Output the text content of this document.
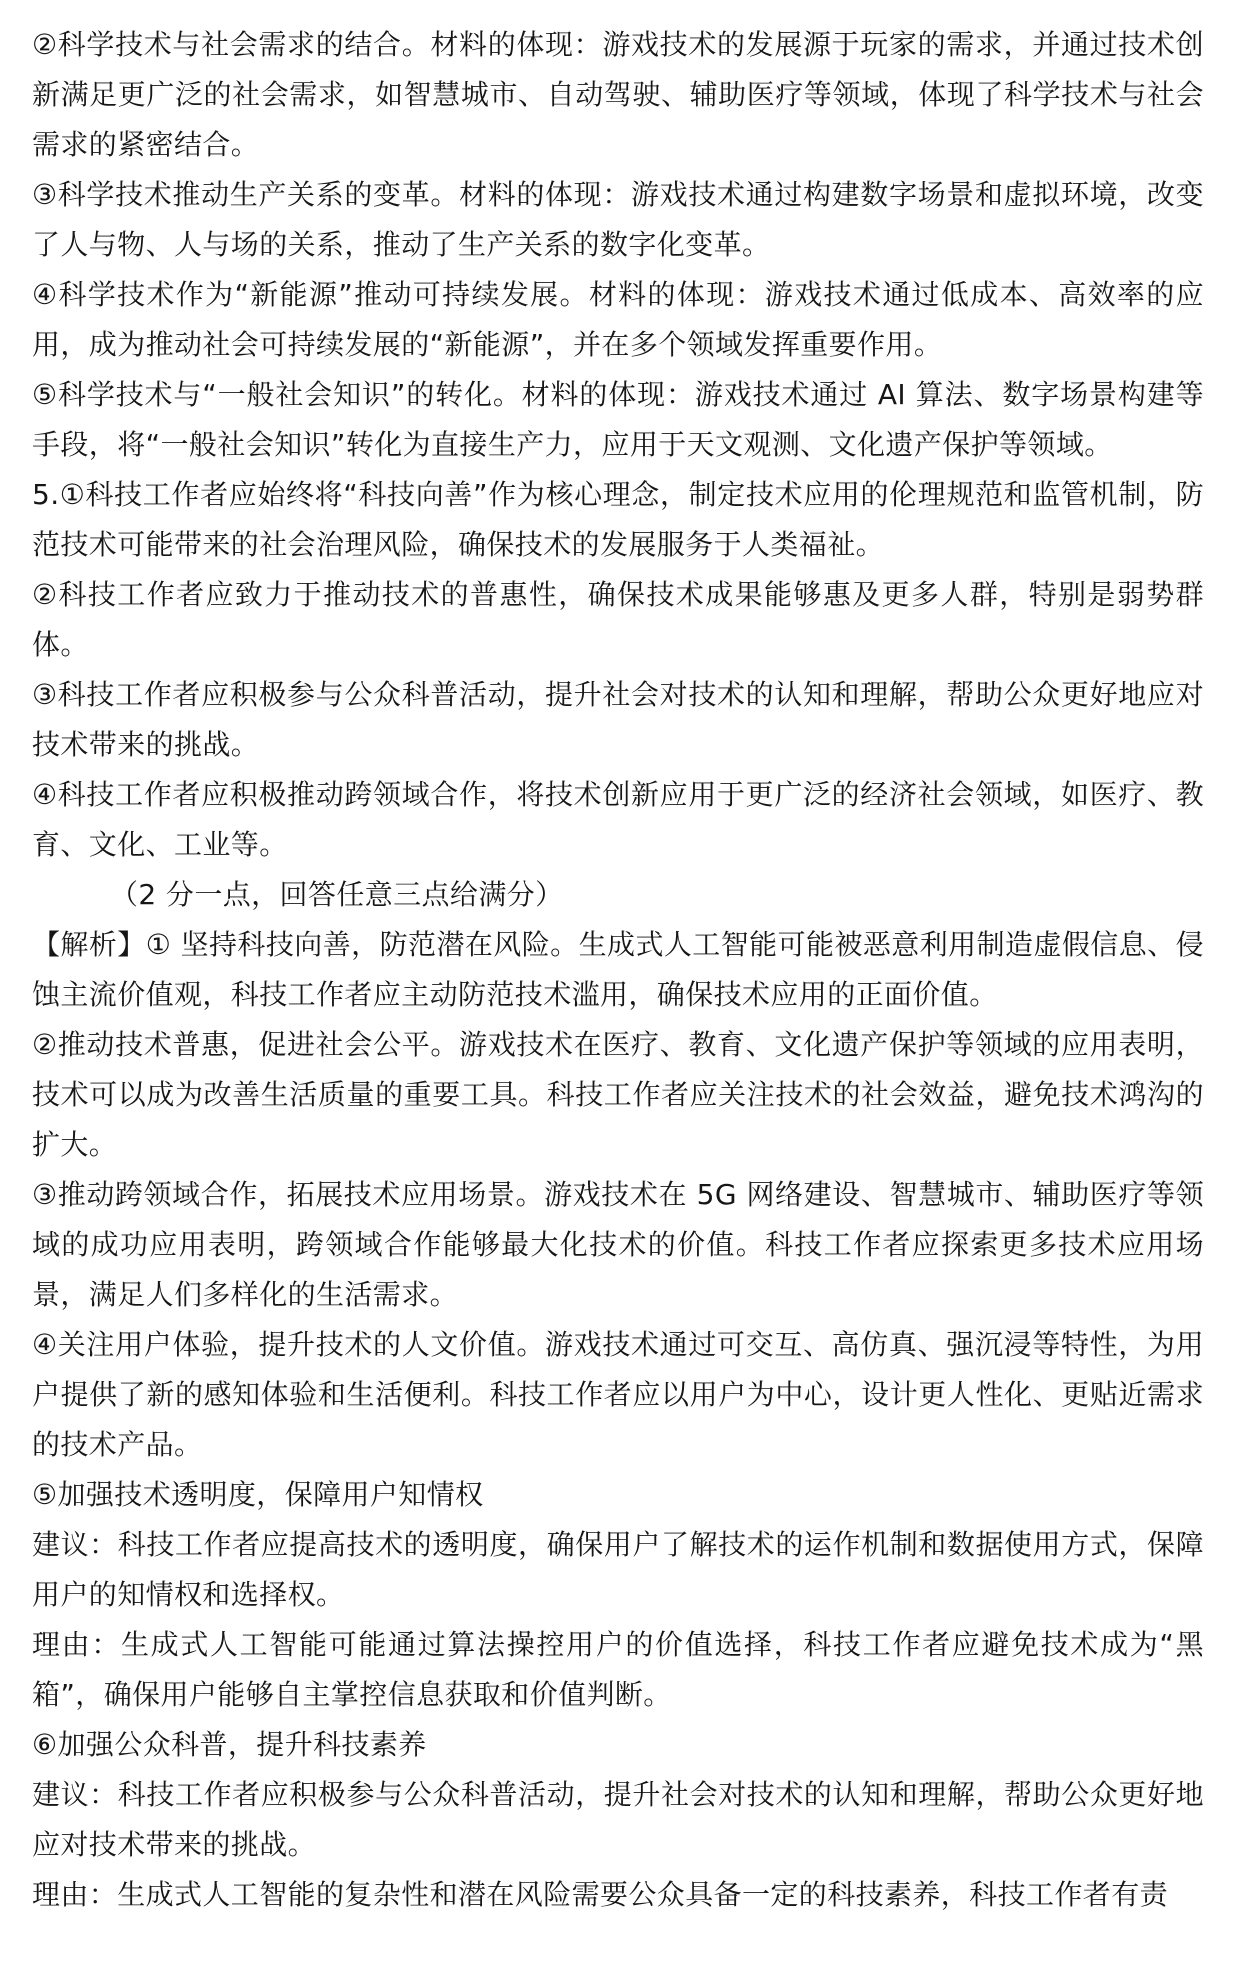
②科学技术与社会需求的结合。材料的体现：游戏技术的发展源于玩家的需求，并通过技术创新满足更广泛的社会需求，如智慧城市、自动驾驶、辅助医疗等领域，体现了科学技术与社会需求的紧密结合。

③科学技术推动生产关系的变革。材料的体现：游戏技术通过构建数字场景和虚拟环境，改变了人与物、人与场的关系，推动了生产关系的数字化变革。

④科学技术作为“新能源”推动可持续发展。材料的体现：游戏技术通过低成本、高效率的应用，成为推动社会可持续发展的“新能源”，并在多个领域发挥重要作用。

⑤科学技术与“一般社会知识”的转化。材料的体现：游戏技术通过 AI 算法、数字场景构建等手段，将“一般社会知识”转化为直接生产力，应用于天文观测、文化遗产保护等领域。

5.①科技工作者应始终将“科技向善”作为核心理念，制定技术应用的伦理规范和监管机制，防范技术可能带来的社会治理风险，确保技术的发展服务于人类福祉。

②科技工作者应致力于推动技术的普惠性，确保技术成果能够惠及更多人群，特别是弱势群体。

③科技工作者应积极参与公众科普活动，提升社会对技术的认知和理解，帮助公众更好地应对技术带来的挑战。

④科技工作者应积极推动跨领域合作，将技术创新应用于更广泛的经济社会领域，如医疗、教育、文化、工业等。

（2 分一点，回答任意三点给满分）

【解析】① 坚持科技向善，防范潜在风险。生成式人工智能可能被恶意利用制造虚假信息、侵蚀主流价值观，科技工作者应主动防范技术滥用，确保技术应用的正面价值。

②推动技术普惠，促进社会公平。游戏技术在医疗、教育、文化遗产保护等领域的应用表明，技术可以成为改善生活质量的重要工具。科技工作者应关注技术的社会效益，避免技术鸿沟的扩大。

③推动跨领域合作，拓展技术应用场景。游戏技术在 5G 网络建设、智慧城市、辅助医疗等领域的成功应用表明，跨领域合作能够最大化技术的价值。科技工作者应探索更多技术应用场景，满足人们多样化的生活需求。

④关注用户体验，提升技术的人文价值。游戏技术通过可交互、高仿真、强沉浸等特性，为用户提供了新的感知体验和生活便利。科技工作者应以用户为中心，设计更人性化、更贴近需求的技术产品。

⑤加强技术透明度，保障用户知情权

建议：科技工作者应提高技术的透明度，确保用户了解技术的运作机制和数据使用方式，保障用户的知情权和选择权。

理由：生成式人工智能可能通过算法操控用户的价值选择，科技工作者应避免技术成为“黑箱”，确保用户能够自主掌控信息获取和价值判断。

⑥加强公众科普，提升科技素养

建议：科技工作者应积极参与公众科普活动，提升社会对技术的认知和理解，帮助公众更好地应对技术带来的挑战。

理由：生成式人工智能的复杂性和潜在风险需要公众具备一定的科技素养，科技工作者有责
